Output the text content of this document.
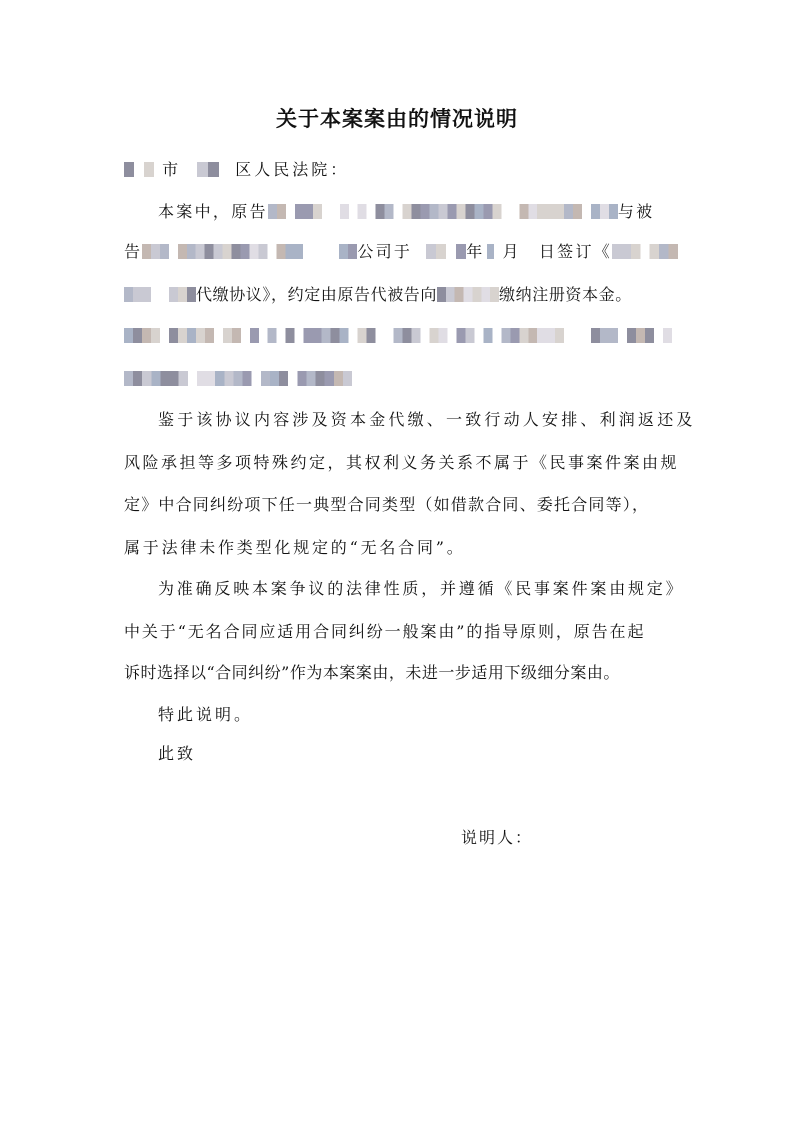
关于本案案由的情况说明
市	区人民法院：
本案中，原告	与被
告	公司于	年 月 日签订《
代缴协议》，约定由原告代被告向	缴纳注册资本金。
鉴于该协议内容涉及资本金代缴、一致行动人安排、利润返还及
风险承担等多项特殊约定，其权利义务关系不属于《民事案件案由规
定》中合同纠纷项下任一典型合同类型（如借款合同、委托合同等），
属于法律未作类型化规定的“无名合同”。
为准确反映本案争议的法律性质，并遵循《民事案件案由规定》
中关于“无名合同应适用合同纠纷一般案由”的指导原则，原告在起
诉时选择以“合同纠纷”作为本案案由，未进一步适用下级细分案由。
特此说明。
此致
说明人：
